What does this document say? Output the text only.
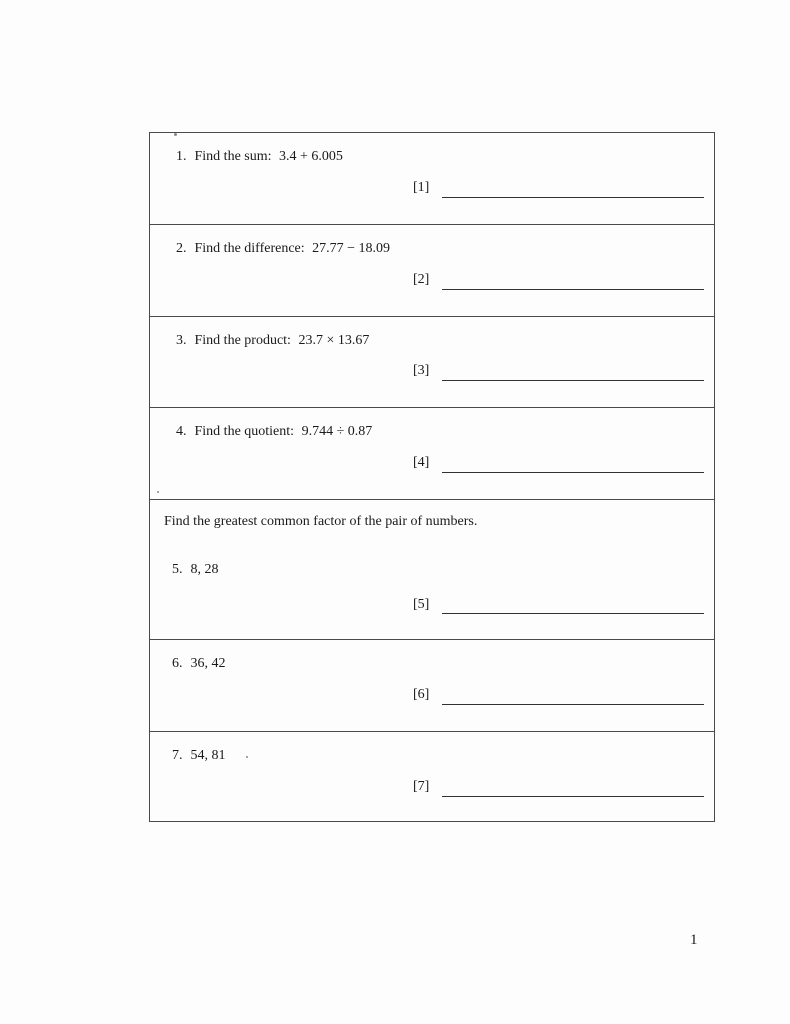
1. Find the sum: 3.4 + 6.005
[1]
2. Find the difference: 27.77 − 18.09
[2]
3. Find the product: 23.7 × 13.67
[3]
4. Find the quotient: 9.744 ÷ 0.87
[4]
Find the greatest common factor of the pair of numbers.
5. 8, 28
[5]
6. 36, 42
[6]
7. 54, 81
[7]
1
